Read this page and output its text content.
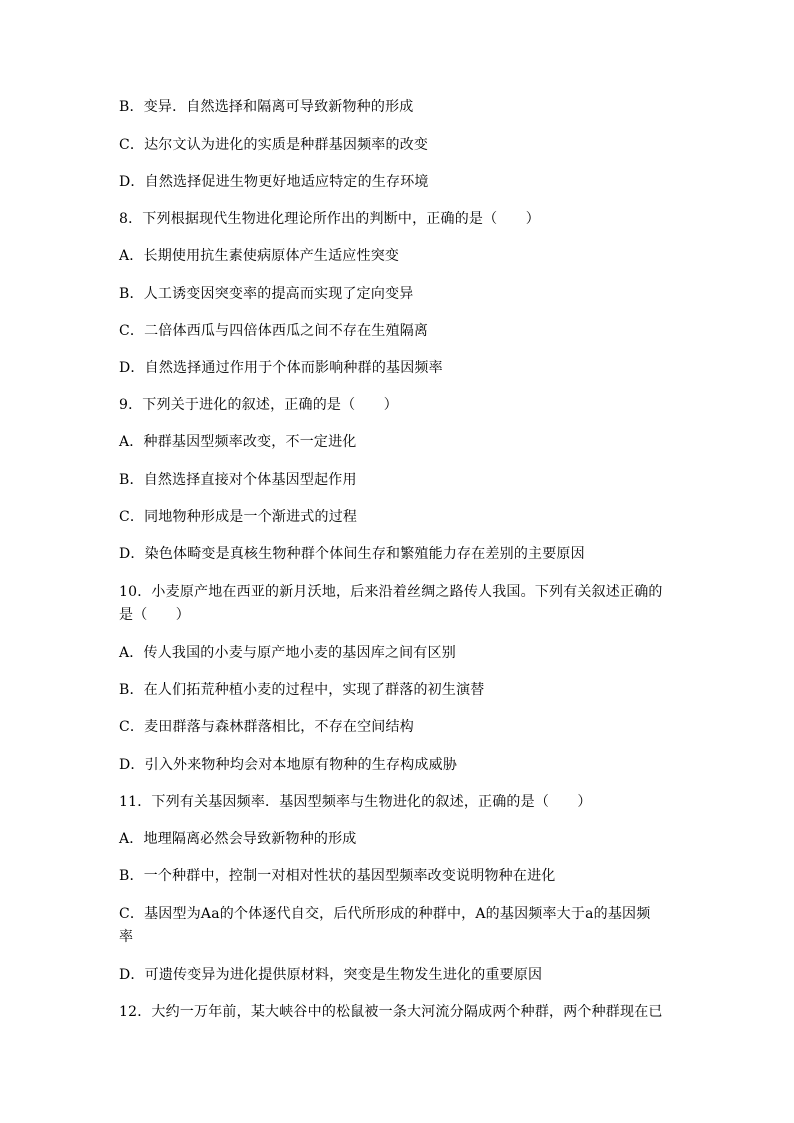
B．变异．自然选择和隔离可导致新物种的形成
C．达尔文认为进化的实质是种群基因频率的改变
D．自然选择促进生物更好地适应特定的生存环境
8．下列根据现代生物进化理论所作出的判断中，正确的是（　　）
A．长期使用抗生素使病原体产生适应性突变
B．人工诱变因突变率的提高而实现了定向变异
C．二倍体西瓜与四倍体西瓜之间不存在生殖隔离
D．自然选择通过作用于个体而影响种群的基因频率
9．下列关于进化的叙述，正确的是（　　）
A．种群基因型频率改变，不一定进化
B．自然选择直接对个体基因型起作用
C．同地物种形成是一个渐进式的过程
D．染色体畸变是真核生物种群个体间生存和繁殖能力存在差别的主要原因
10．小麦原产地在西亚的新月沃地，后来沿着丝绸之路传人我国。下列有关叙述正确的
是（　　）
A．传人我国的小麦与原产地小麦的基因库之间有区别
B．在人们拓荒种植小麦的过程中，实现了群落的初生演替
C．麦田群落与森林群落相比，不存在空间结构
D．引入外来物种均会对本地原有物种的生存构成威胁
11．下列有关基因频率．基因型频率与生物进化的叙述，正确的是（　　）
A．地理隔离必然会导致新物种的形成
B．一个种群中，控制一对相对性状的基因型频率改变说明物种在进化
C．基因型为Aa的个体逐代自交，后代所形成的种群中，A的基因频率大于a的基因频
率
D．可遗传变异为进化提供原材料，突变是生物发生进化的重要原因
12．大约一万年前，某大峡谷中的松鼠被一条大河流分隔成两个种群，两个种群现在已
